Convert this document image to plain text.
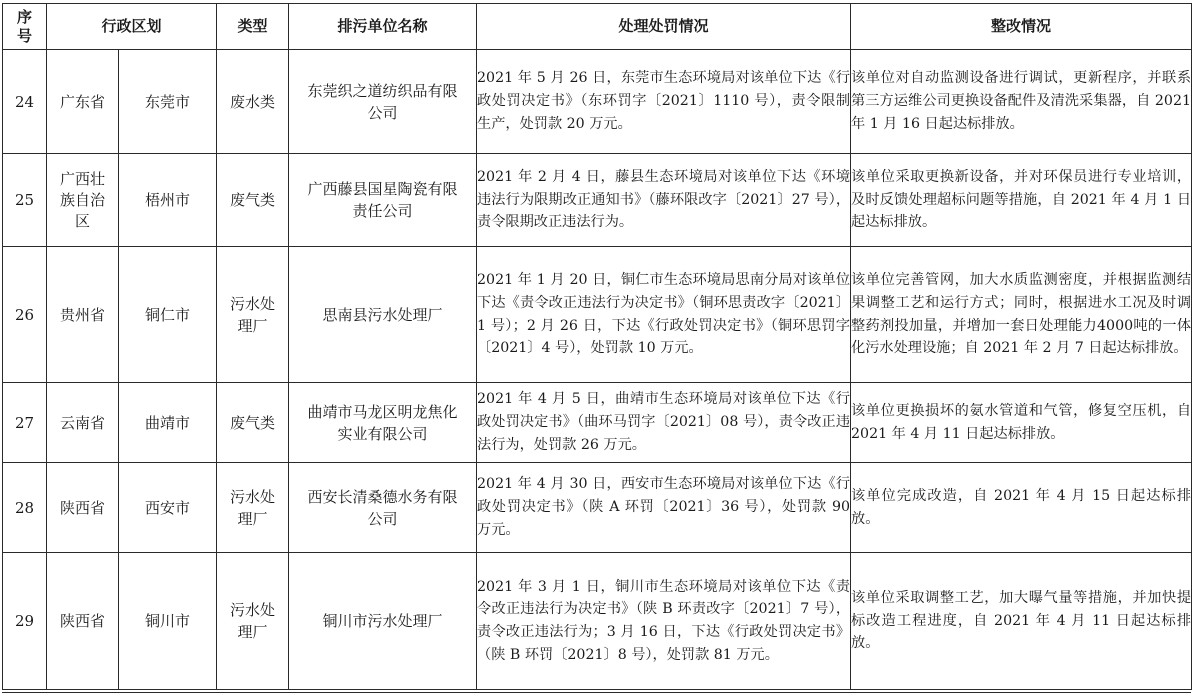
序号	行政区划		类型	排污单位名称	处理处罚情况	整改情况
24	广东省	东莞市	废水类	东莞织之道纺织品有限公司	2021 年 5 月 26 日，东莞市生态环境局对该单位下达《行政处罚决定书》（东环罚字〔2021〕1110 号），责令限制生产，处罚款 20 万元。	该单位对自动监测设备进行调试，更新程序，并联系第三方运维公司更换设备配件及清洗采集器，自 2021 年 1 月 16 日起达标排放。
25	广西壮族自治区	梧州市	废气类	广西藤县国星陶瓷有限责任公司	2021 年 2 月 4 日，藤县生态环境局对该单位下达《环境违法行为限期改正通知书》（藤环限改字〔2021〕27 号），责令限期改正违法行为。	该单位采取更换新设备，并对环保员进行专业培训，及时反馈处理超标问题等措施，自 2021 年 4 月 1 日起达标排放。
26	贵州省	铜仁市	污水处理厂	思南县污水处理厂	2021 年 1 月 20 日，铜仁市生态环境局思南分局对该单位下达《责令改正违法行为决定书》（铜环思责改字〔2021〕1 号）；2 月 26 日，下达《行政处罚决定书》（铜环思罚字〔2021〕4 号），处罚款 10 万元。	该单位完善管网，加大水质监测密度，并根据监测结果调整工艺和运行方式；同时，根据进水工况及时调整药剂投加量，并增加一套日处理能力4000吨的一体化污水处理设施；自 2021 年 2 月 7 日起达标排放。
27	云南省	曲靖市	废气类	曲靖市马龙区明龙焦化实业有限公司	2021 年 4 月 5 日，曲靖市生态环境局对该单位下达《行政处罚决定书》（曲环马罚字〔2021〕08 号），责令改正违法行为，处罚款 26 万元。	该单位更换损坏的氨水管道和气管，修复空压机，自 2021 年 4 月 11 日起达标排放。
28	陕西省	西安市	污水处理厂	西安长清桑德水务有限公司	2021 年 4 月 30 日，西安市生态环境局对该单位下达《行政处罚决定书》（陕 A 环罚〔2021〕36 号），处罚款 90 万元。	该单位完成改造，自 2021 年 4 月 15 日起达标排放。
29	陕西省	铜川市	污水处理厂	铜川市污水处理厂	2021 年 3 月 1 日，铜川市生态环境局对该单位下达《责令改正违法行为决定书》（陕 B 环责改字〔2021〕7 号），责令改正违法行为；3 月 16 日，下达《行政处罚决定书》（陕 B 环罚〔2021〕8 号），处罚款 81 万元。	该单位采取调整工艺，加大曝气量等措施，并加快提标改造工程进度，自 2021 年 4 月 11 日起达标排放。
